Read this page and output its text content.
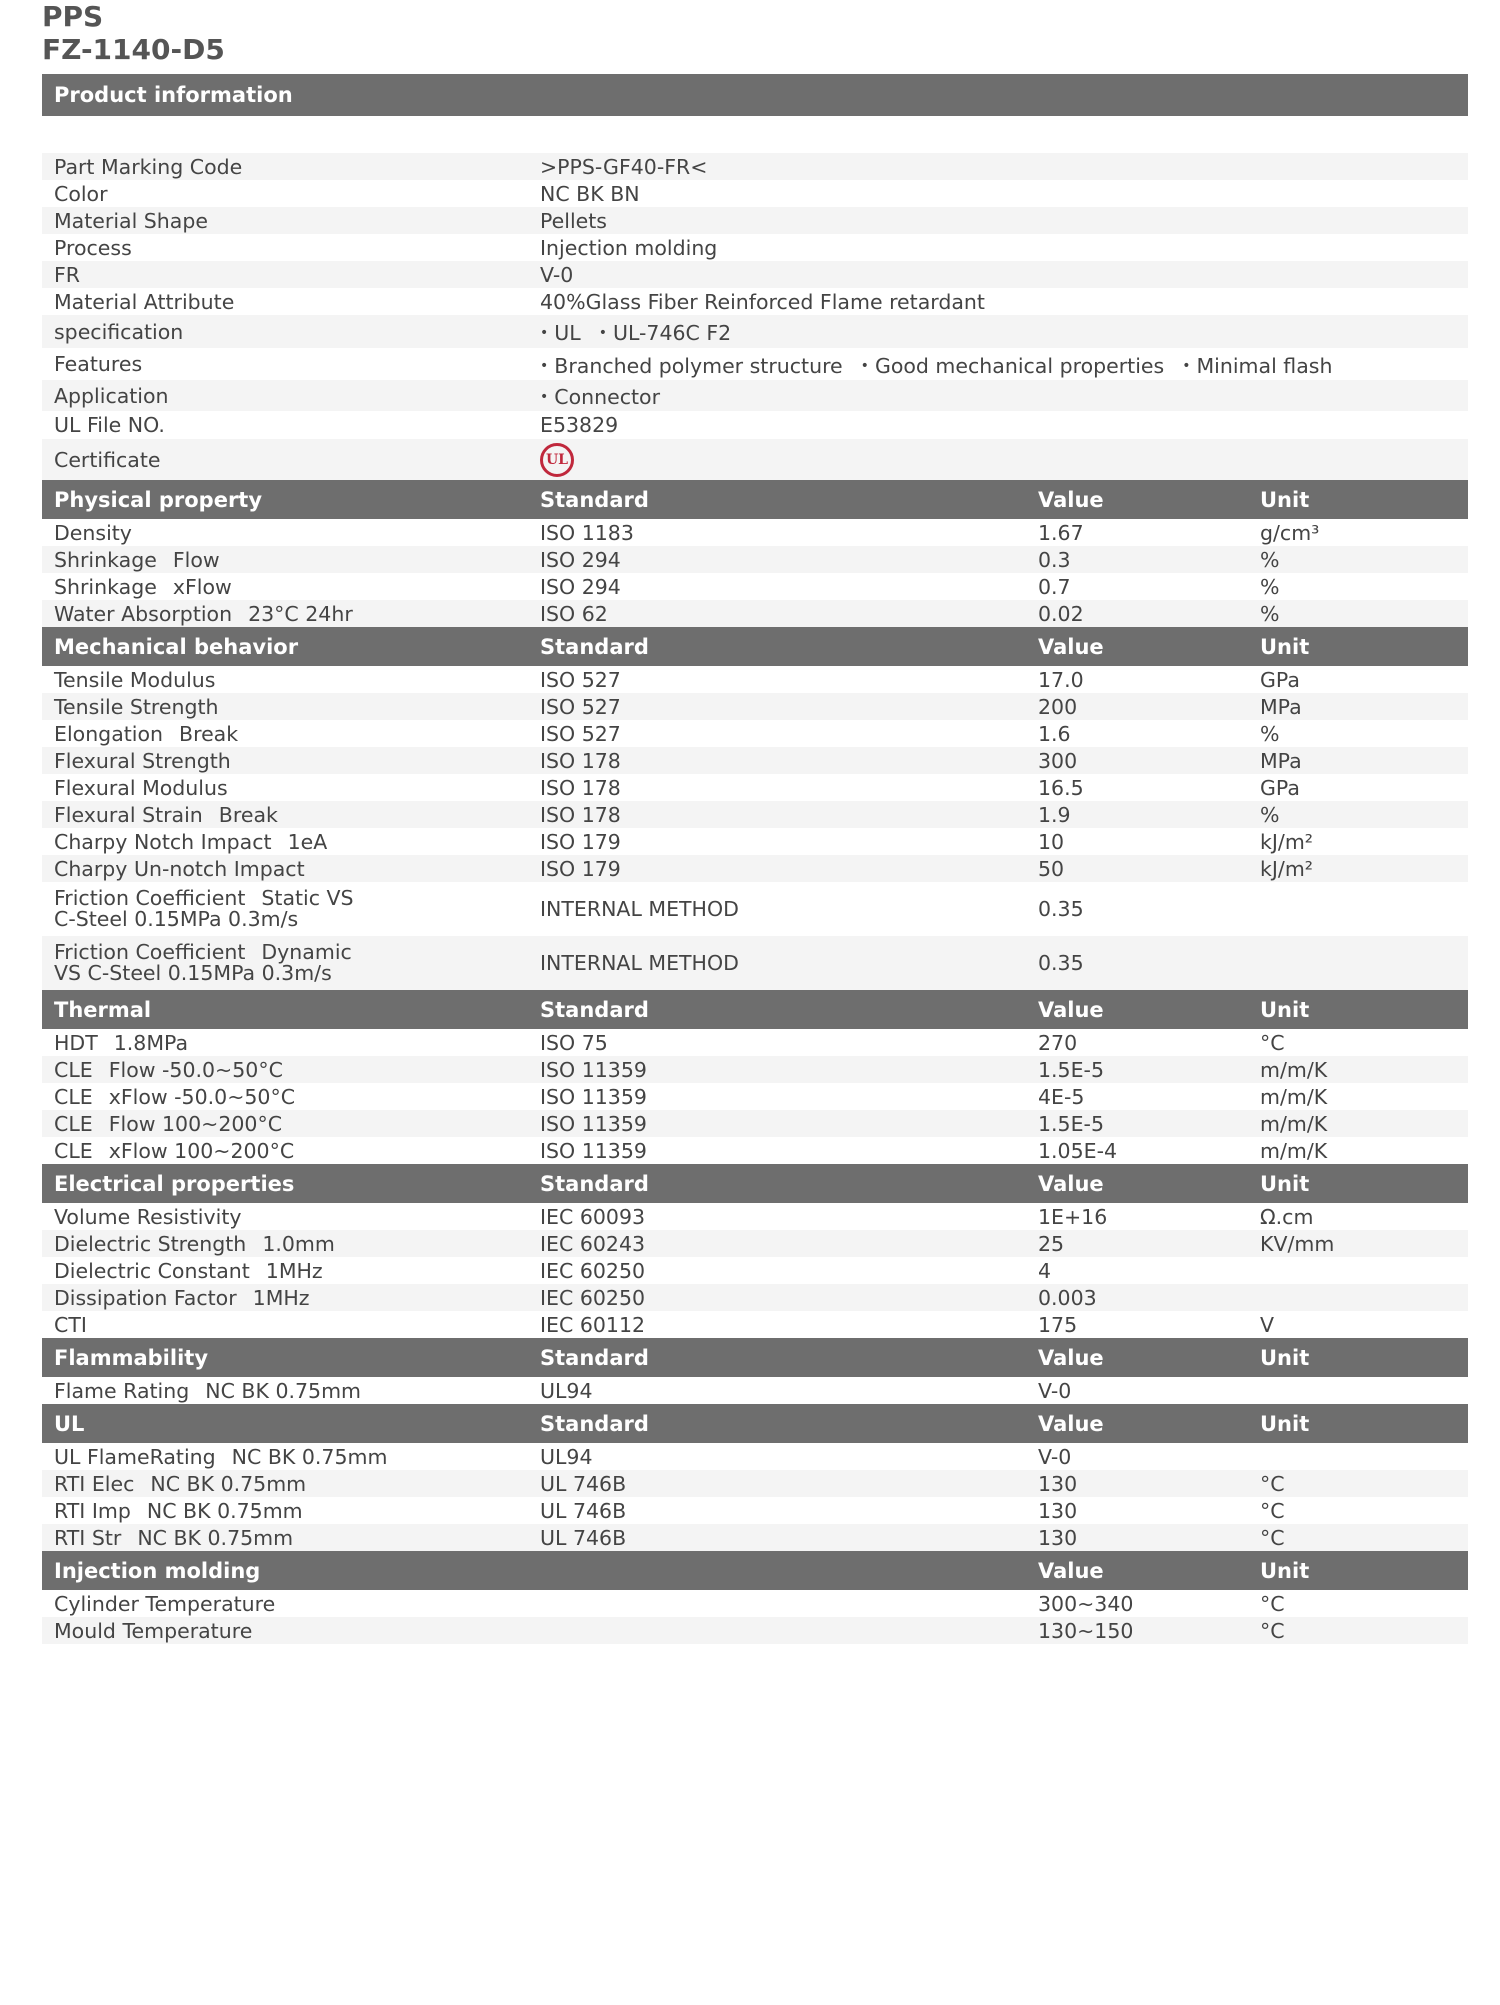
PPS
FZ-1140-D5
Product information
Part Marking Code	>PPS-GF40-FR<
Color	NC BK BN
Material Shape	Pellets
Process	Injection molding
FR	V-0
Material Attribute	40%Glass Fiber Reinforced Flame retardant
specification	• UL • UL-746C F2
Features	• Branched polymer structure • Good mechanical properties • Minimal flash
Application	• Connector
UL File NO.	E53829
Certificate	UL
Physical property	Standard	Value	Unit
Density	ISO 1183	1.67	g/cm³
Shrinkage Flow	ISO 294	0.3	%
Shrinkage xFlow	ISO 294	0.7	%
Water Absorption 23°C 24hr	ISO 62	0.02	%
Mechanical behavior	Standard	Value	Unit
Tensile Modulus	ISO 527	17.0	GPa
Tensile Strength	ISO 527	200	MPa
Elongation Break	ISO 527	1.6	%
Flexural Strength	ISO 178	300	MPa
Flexural Modulus	ISO 178	16.5	GPa
Flexural Strain Break	ISO 178	1.9	%
Charpy Notch Impact 1eA	ISO 179	10	kJ/m²
Charpy Un-notch Impact	ISO 179	50	kJ/m²
Friction Coefficient Static VS C-Steel 0.15MPa 0.3m/s	INTERNAL METHOD	0.35
Friction Coefficient Dynamic VS C-Steel 0.15MPa 0.3m/s	INTERNAL METHOD	0.35
Thermal	Standard	Value	Unit
HDT 1.8MPa	ISO 75	270	°C
CLE Flow -50.0~50°C	ISO 11359	1.5E-5	m/m/K
CLE xFlow -50.0~50°C	ISO 11359	4E-5	m/m/K
CLE Flow 100~200°C	ISO 11359	1.5E-5	m/m/K
CLE xFlow 100~200°C	ISO 11359	1.05E-4	m/m/K
Electrical properties	Standard	Value	Unit
Volume Resistivity	IEC 60093	1E+16	Ω.cm
Dielectric Strength 1.0mm	IEC 60243	25	KV/mm
Dielectric Constant 1MHz	IEC 60250	4
Dissipation Factor 1MHz	IEC 60250	0.003
CTI	IEC 60112	175	V
Flammability	Standard	Value	Unit
Flame Rating NC BK 0.75mm	UL94	V-0
UL	Standard	Value	Unit
UL FlameRating NC BK 0.75mm	UL94	V-0
RTI Elec NC BK 0.75mm	UL 746B	130	°C
RTI Imp NC BK 0.75mm	UL 746B	130	°C
RTI Str NC BK 0.75mm	UL 746B	130	°C
Injection molding	Value	Unit
Cylinder Temperature	300~340	°C
Mould Temperature	130~150	°C
